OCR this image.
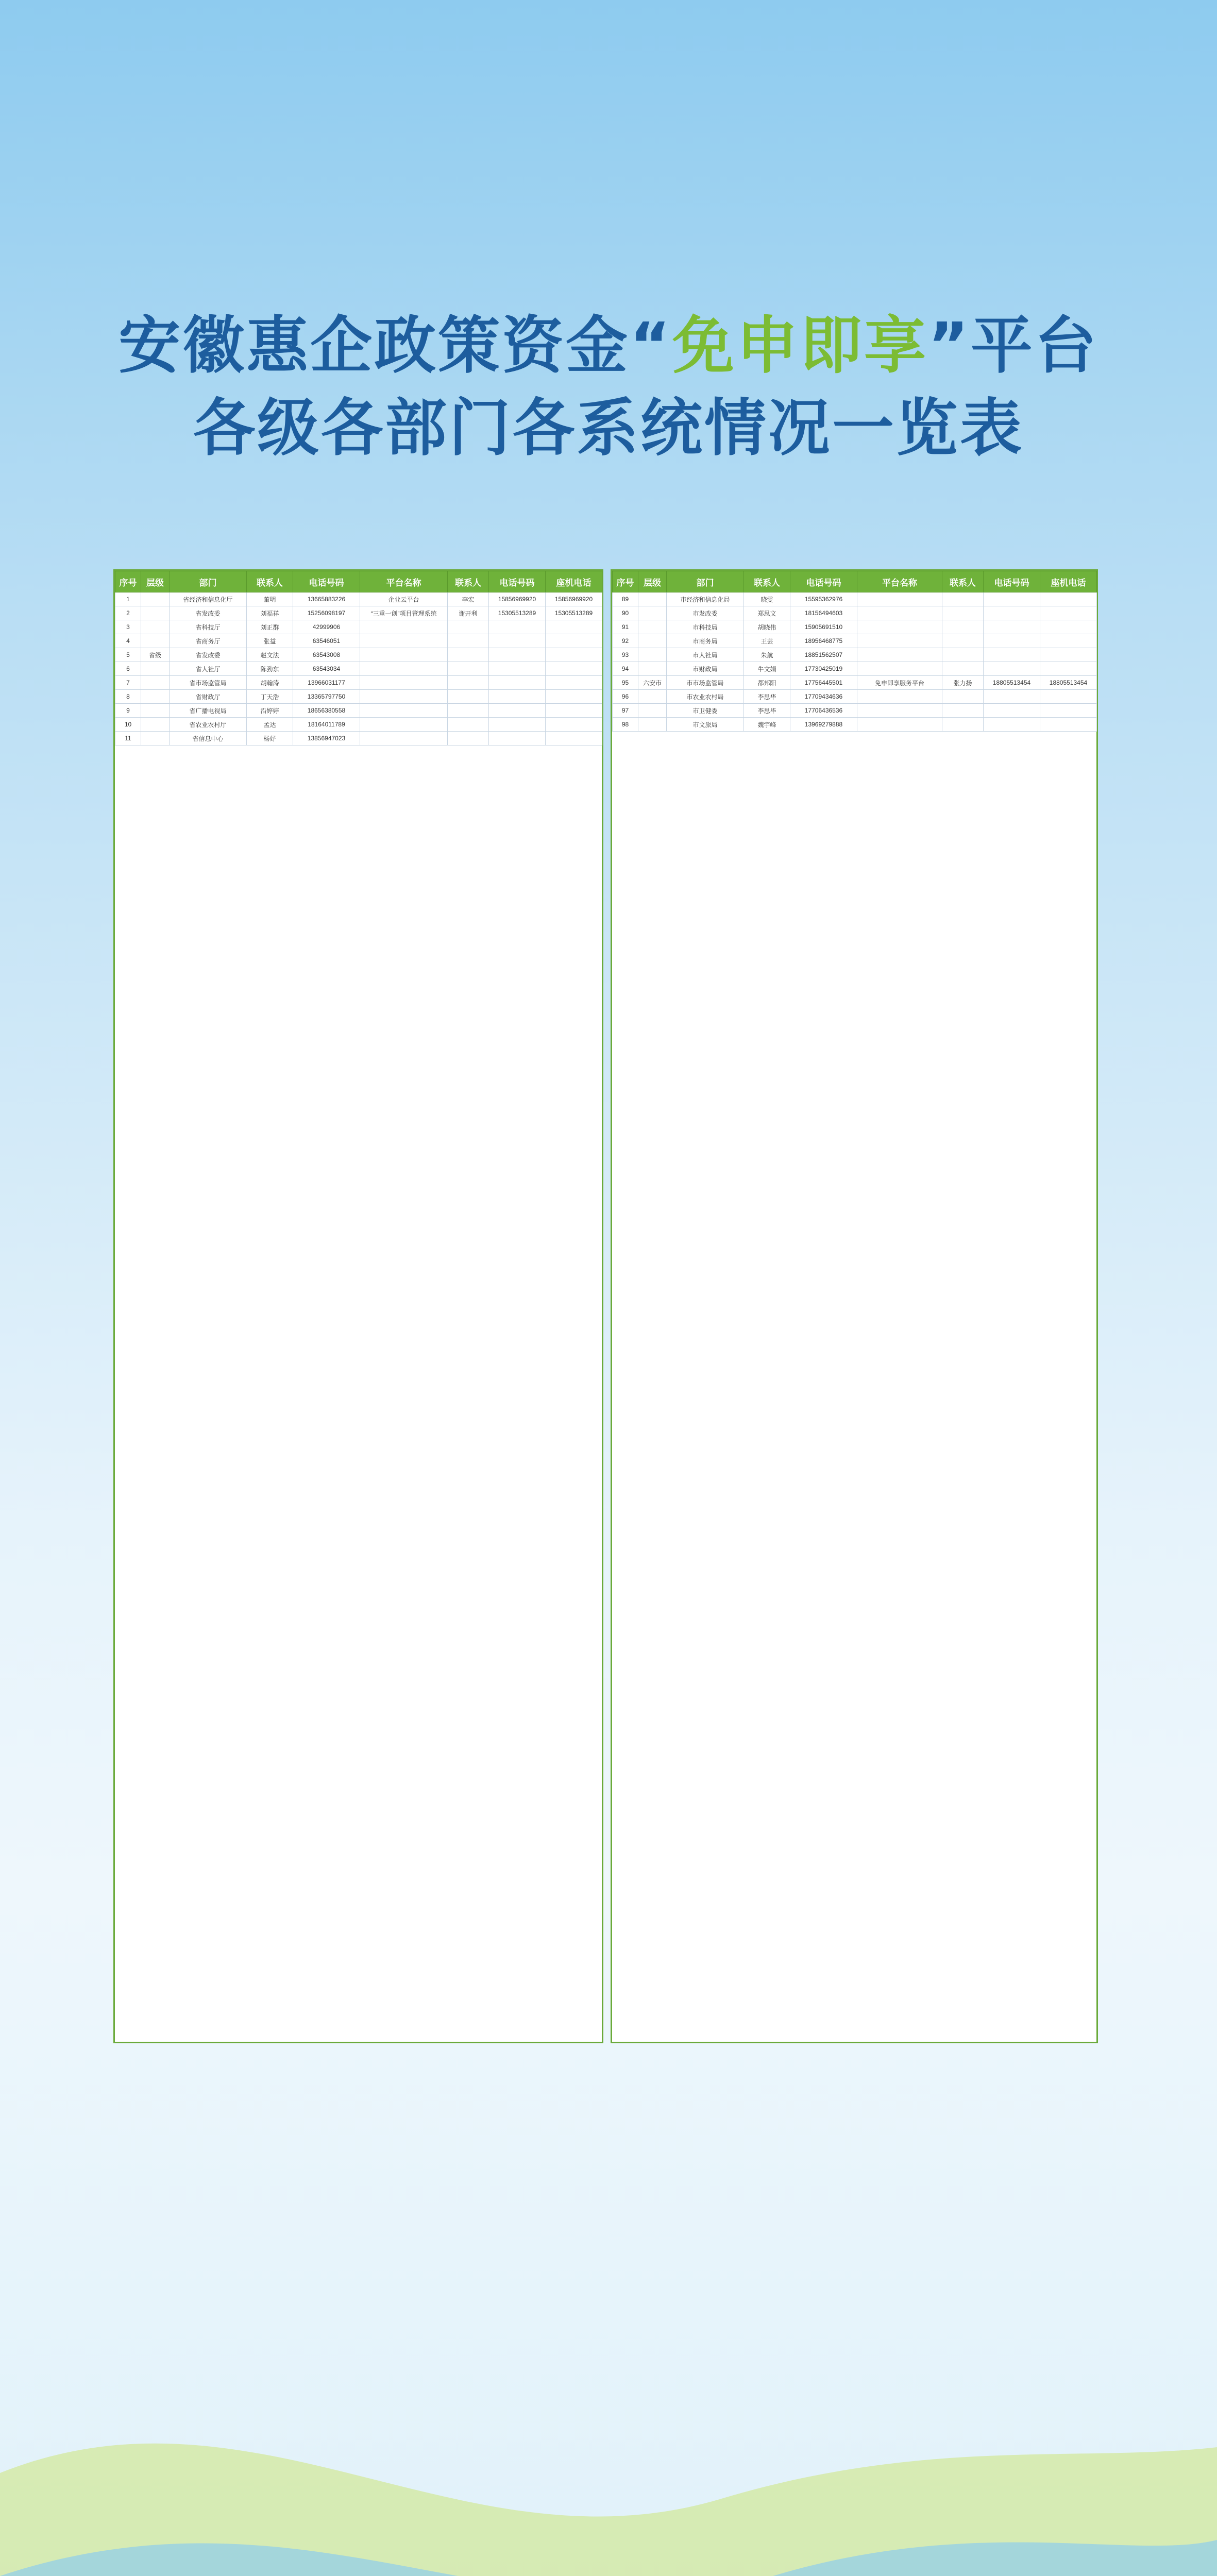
安徽惠企政策资金“免申即享”平台
各级各部门各系统情况一览表
序号	层级	部门	联系人	电话号码	平台名称	联系人	电话号码	座机电话
1		省经济和信息化厅	董明	13665883226	企业云平台	李宏	15856969920	15856969920
2		省发改委	刘福祥	15256098197	“三重一创”项目管理系统	谢开利	15305513289	15305513289
3		省科技厅	刘正群	42999906				
4		省商务厅	张益	63546051				
5	省级	省发改委	赵文法	63543008				
6		省人社厅	陈劲东	63543034				
7		省市场监管局	胡翰涛	13966031177				
8		省财政厅	丁天浩	13365797750				
9		省广播电视局	沿婷婷	18656380558				
10		省农业农村厅	孟达	18164011789				
11		省信息中心	杨妤	13856947023				
序号	层级	部门	联系人	电话号码	平台名称	联系人	电话号码	座机电话
89		市经济和信息化局	晓雯	15595362976				
90		市发改委	郑思文	18156494603				
91		市科技局	胡晓伟	15905691510				
92		市商务局	王芸	18956468775				
93		市人社局	朱航	18851562507				
94		市财政局	牛文娟	17730425019				
95	六安市	市市场监管局	都邦阳	17756445501	免申即享服务平台	张力扬	18805513454	18805513454
96		市农业农村局	李思华	17709434636				
97		市卫健委	李思毕	17706436536				
98		市文旅局	魏宇峰	13969279888				
